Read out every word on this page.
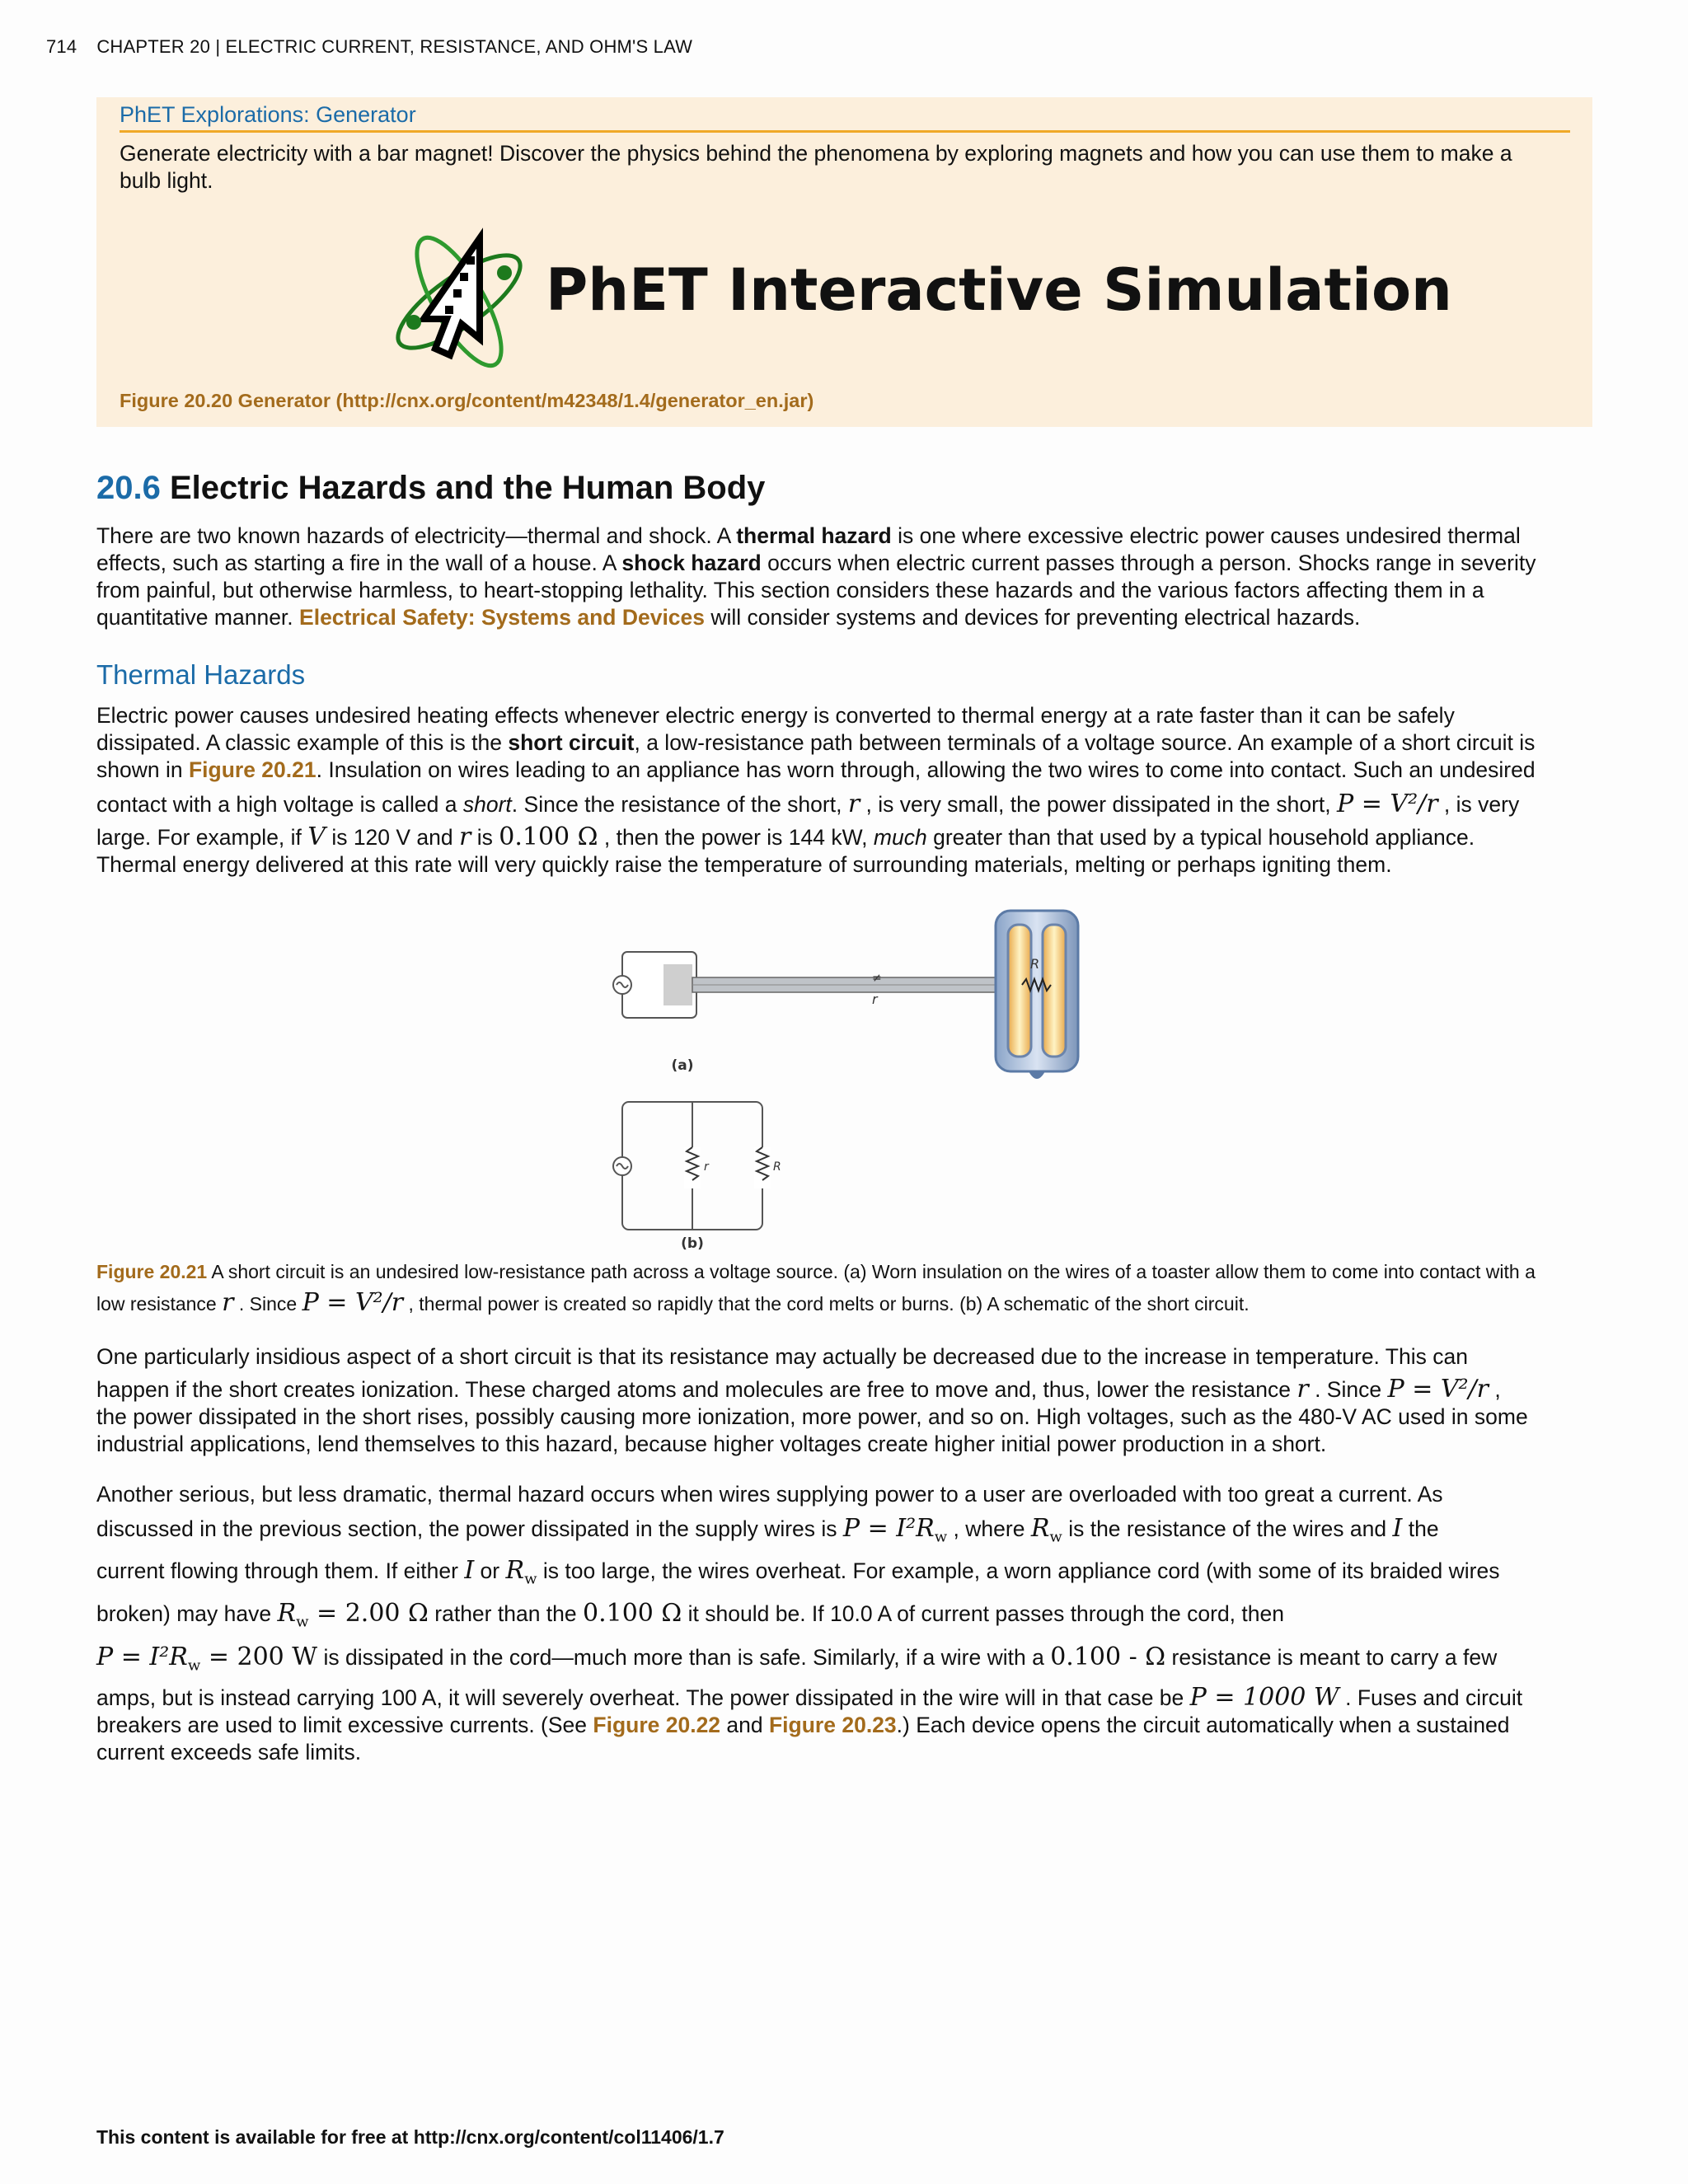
714 CHAPTER 20 | ELECTRIC CURRENT, RESISTANCE, AND OHM'S LAW
PhET Explorations: Generator
Generate electricity with a bar magnet! Discover the physics behind the phenomena by exploring magnets and how you can use them to make a
bulb light.
PhET Interactive Simulation
Figure 20.20 Generator (http://cnx.org/content/m42348/1.4/generator_en.jar)
20.6 Electric Hazards and the Human Body
There are two known hazards of electricity—thermal and shock. A thermal hazard is one where excessive electric power causes undesired thermal
effects, such as starting a fire in the wall of a house. A shock hazard occurs when electric current passes through a person. Shocks range in severity
from painful, but otherwise harmless, to heart-stopping lethality. This section considers these hazards and the various factors affecting them in a
quantitative manner. Electrical Safety: Systems and Devices will consider systems and devices for preventing electrical hazards.
Thermal Hazards
Electric power causes undesired heating effects whenever electric energy is converted to thermal energy at a rate faster than it can be safely
dissipated. A classic example of this is the short circuit, a low-resistance path between terminals of a voltage source. An example of a short circuit is
shown in Figure 20.21. Insulation on wires leading to an appliance has worn through, allowing the two wires to come into contact. Such an undesired
contact with a high voltage is called a short. Since the resistance of the short, r , is very small, the power dissipated in the short, P = V²/r , is very
large. For example, if V is 120 V and r is 0.100 Ω , then the power is 144 kW, much greater than that used by a typical household appliance.
Thermal energy delivered at this rate will very quickly raise the temperature of surrounding materials, melting or perhaps igniting them.
≠
r
R
(a)
r	R
(b)
Figure 20.21 A short circuit is an undesired low-resistance path across a voltage source. (a) Worn insulation on the wires of a toaster allow them to come into contact with a
low resistance r . Since P = V²/r , thermal power is created so rapidly that the cord melts or burns. (b) A schematic of the short circuit.
One particularly insidious aspect of a short circuit is that its resistance may actually be decreased due to the increase in temperature. This can
happen if the short creates ionization. These charged atoms and molecules are free to move and, thus, lower the resistance r . Since P = V²/r ,
the power dissipated in the short rises, possibly causing more ionization, more power, and so on. High voltages, such as the 480-V AC used in some
industrial applications, lend themselves to this hazard, because higher voltages create higher initial power production in a short.
Another serious, but less dramatic, thermal hazard occurs when wires supplying power to a user are overloaded with too great a current. As
discussed in the previous section, the power dissipated in the supply wires is $P = I^2R_w$ , where $R_w$ is the resistance of the wires and I the
current flowing through them. If either I or $R_w$ is too large, the wires overheat. For example, a worn appliance cord (with some of its braided wires
broken) may have $R_w = 2.00$ Ω rather than the 0.100 Ω it should be. If 10.0 A of current passes through the cord, then
$P = I^2R_w = 200$ W is dissipated in the cord—much more than is safe. Similarly, if a wire with a 0.100 - Ω resistance is meant to carry a few
amps, but is instead carrying 100 A, it will severely overheat. The power dissipated in the wire will in that case be P = 1000 W . Fuses and circuit
breakers are used to limit excessive currents. (See Figure 20.22 and Figure 20.23.) Each device opens the circuit automatically when a sustained
current exceeds safe limits.
This content is available for free at http://cnx.org/content/col11406/1.7
